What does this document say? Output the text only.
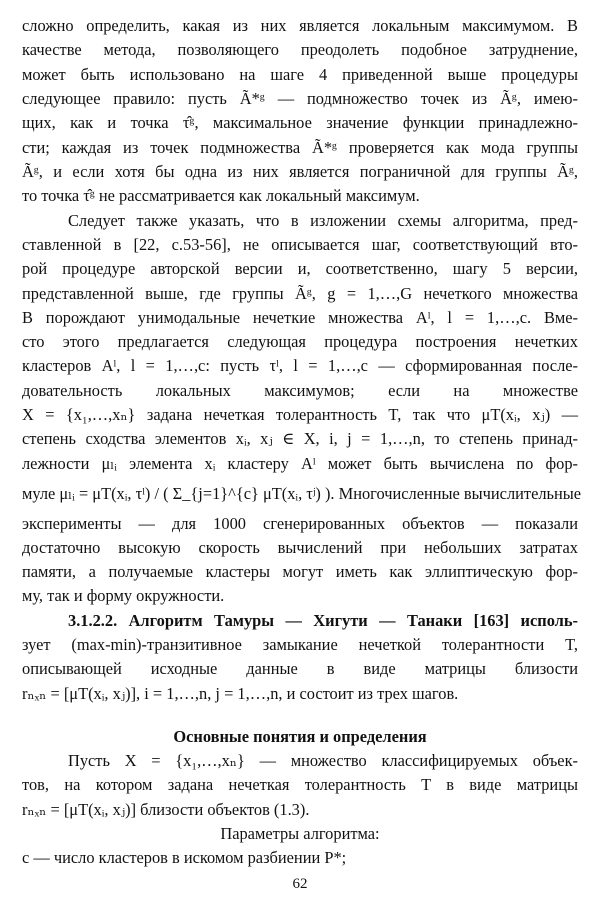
сложно определить, какая из них является локальным максимумом. В
качестве метода, позволяющего преодолеть подобное затруднение,
может быть использовано на шаге 4 приведенной выше процедуры
следующее правило: пусть Ã*ᵍ — подмножество точек из Ãᵍ, имею-
щих, как и точка τ̂ᵍ, максимальное значение функции принадлежно-
сти; каждая из точек подмножества Ã*ᵍ проверяется как мода группы
Ãᵍ, и если хотя бы одна из них является пограничной для группы Ãᵍ,
то точка τ̂ᵍ не рассматривается как локальный максимум.
Следует также указать, что в изложении схемы алгоритма, пред-
ставленной в [22, с.53-56], не описывается шаг, соответствующий вто-
рой процедуре авторской версии и, соответственно, шагу 5 версии,
представленной выше, где группы Ãᵍ, g = 1,…,G нечеткого множества
B порождают унимодальные нечеткие множества Aˡ, l = 1,…,c. Вме-
сто этого предлагается следующая процедура построения нечетких
кластеров Aˡ, l = 1,…,c: пусть τˡ, l = 1,…,c — сформированная после-
довательность локальных максимумов; если на множестве
X = {x₁,…,xₙ} задана нечеткая толерантность T, так что μT(xᵢ, xⱼ) —
степень сходства элементов xᵢ, xⱼ ∈ X, i, j = 1,…,n, то степень принад-
лежности μₗᵢ элемента xᵢ кластеру Aˡ может быть вычислена по фор-
муле μₗᵢ = μT(xᵢ, τˡ) / ( Σ_{j=1}^{c} μT(xᵢ, τʲ) ). Многочисленные вычислительные
эксперименты — для 1000 сгенерированных объектов — показали
достаточно высокую скорость вычислений при небольших затратах
памяти, а получаемые кластеры могут иметь как эллиптическую фор-
му, так и форму окружности.
3.1.2.2. Алгоритм Тамуры — Хигути — Танаки [163] исполь-
зует (max-min)-транзитивное замыкание нечеткой толерантности T,
описывающей исходные данные в виде матрицы близости
rₙₓₙ = [μT(xᵢ, xⱼ)], i = 1,…,n, j = 1,…,n, и состоит из трех шагов.
Основные понятия и определения
Пусть X = {x₁,…,xₙ} — множество классифицируемых объек-
тов, на котором задана нечеткая толерантность T в виде матрицы
rₙₓₙ = [μT(xᵢ, xⱼ)] близости объектов (1.3).
Параметры алгоритма:
c — число кластеров в искомом разбиении P*;
62
